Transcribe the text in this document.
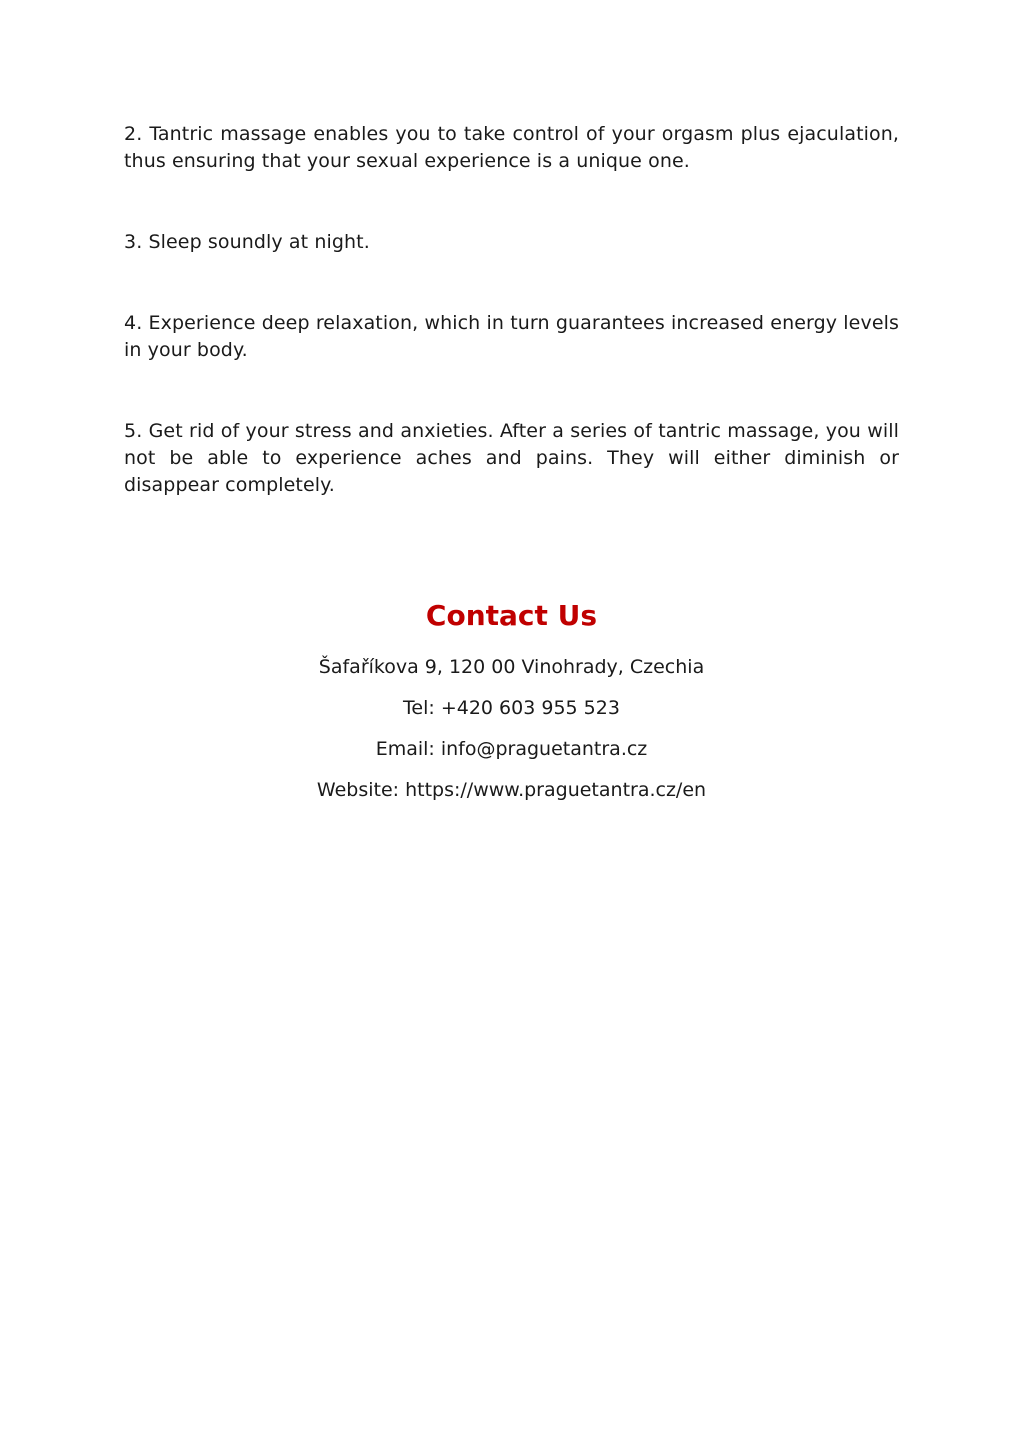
2. Tantric massage enables you to take control of your orgasm plus ejaculation, thus ensuring that your sexual experience is a unique one.

3. Sleep soundly at night.

4. Experience deep relaxation, which in turn guarantees increased energy levels in your body.

5. Get rid of your stress and anxieties. After a series of tantric massage, you will not be able to experience aches and pains. They will either diminish or disappear completely.

Contact Us
Šafaříkova 9, 120 00 Vinohrady, Czechia
Tel: +420 603 955 523
Email: info@praguetantra.cz
Website: https://www.praguetantra.cz/en
